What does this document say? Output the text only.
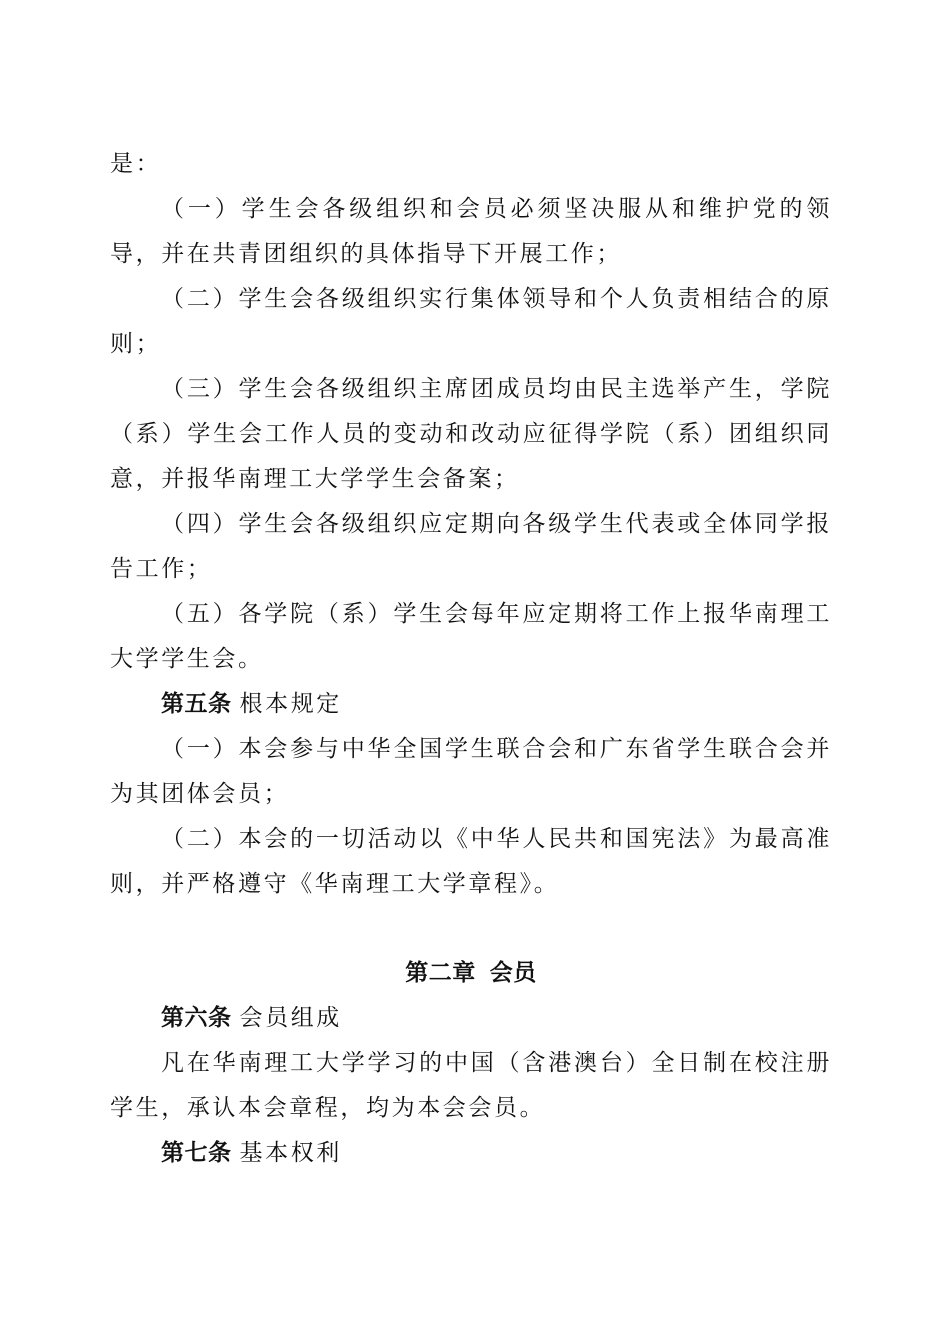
是：

（一）学生会各级组织和会员必须坚决服从和维护党的领导，并在共青团组织的具体指导下开展工作；

（二）学生会各级组织实行集体领导和个人负责相结合的原则；

（三）学生会各级组织主席团成员均由民主选举产生，学院（系）学生会工作人员的变动和改动应征得学院（系）团组织同意，并报华南理工大学学生会备案；

（四）学生会各级组织应定期向各级学生代表或全体同学报告工作；

（五）各学院（系）学生会每年应定期将工作上报华南理工大学学生会。

第五条 根本规定

（一）本会参与中华全国学生联合会和广东省学生联合会并为其团体会员；

（二）本会的一切活动以《中华人民共和国宪法》为最高准则，并严格遵守《华南理工大学章程》。

第二章 会员

第六条 会员组成

凡在华南理工大学学习的中国（含港澳台）全日制在校注册学生，承认本会章程，均为本会会员。

第七条 基本权利
